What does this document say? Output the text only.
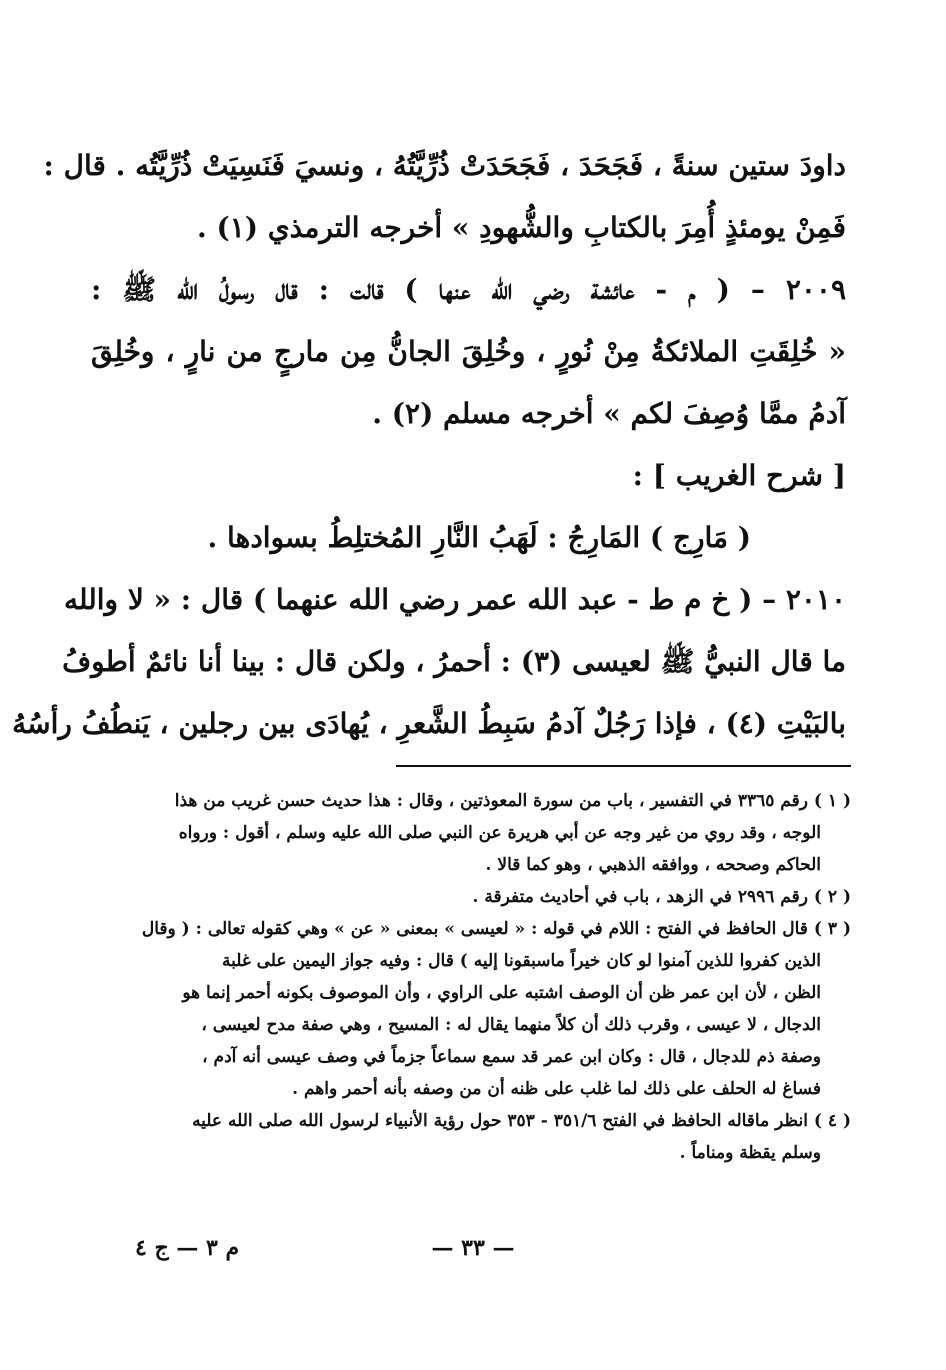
داودَ ستين سنةً ، فَجَحَدَ ، فَجَحَدَتْ ذُرِّيَّتُهُ ، ونسيَ فَنَسِيَتْ ذُرِّيَّتُه . قال :
فَمِنْ يومئذٍ أُمِرَ بالكتابِ والشُّهودِ » أخرجه الترمذي (١) .
٢٠٠٩ – ( م - عائشة رضي الله عنها ) قالت : قال رسولُ الله ﷺ :
« خُلِقَتِ الملائكةُ مِنْ نُورٍ ، وخُلِقَ الجانُّ مِن مارجٍ من نارٍ ، وخُلِقَ
آدمُ ممَّا وُصِفَ لكم » أخرجه مسلم (٢) .
[ شرح الغريب ] :
( مَارِج ) المَارِجُ : لَهَبُ النَّارِ المُختلِطُ بسوادها .
٢٠١٠ – ( خ م ط - عبد الله عمر رضي الله عنهما ) قال : « لا والله
ما قال النبيُّ ﷺ لعيسى (٣) : أحمرُ ، ولكن قال : بينا أنا نائمٌ أطوفُ
بالبَيْتِ (٤) ، فإذا رَجُلٌ آدمُ سَبِطُ الشَّعرِ ، يُهادَى بين رجلين ، يَنطُفُ رأسُهُ
( ١ )رقم ٣٣٦٥ في التفسير ، باب من سورة المعوذتين ، وقال : هذا حديث حسن غريب من هذا
الوجه ، وقد روي من غير وجه عن أبي هريرة عن النبي صلى الله عليه وسلم ، أقول : ورواه
الحاكم وصححه ، ووافقه الذهبي ، وهو كما قالا .
( ٢ )رقم ٢٩٩٦ في الزهد ، باب في أحاديث متفرقة .
( ٣ )قال الحافظ في الفتح : اللام في قوله : « لعيسى » بمعنى « عن » وهي كقوله تعالى : ( وقال
الذين كفروا للذين آمنوا لو كان خيراً ماسبقونا إليه ) قال : وفيه جواز اليمين على غلبة
الظن ، لأن ابن عمر ظن أن الوصف اشتبه على الراوي ، وأن الموصوف بكونه أحمر إنما هو
الدجال ، لا عيسى ، وقرب ذلك أن كلاً منهما يقال له : المسيح ، وهي صفة مدح لعيسى ،
وصفة ذم للدجال ، قال : وكان ابن عمر قد سمع سماعاً جزماً في وصف عيسى أنه آدم ،
فساغ له الحلف على ذلك لما غلب على ظنه أن من وصفه بأنه أحمر واهم .
( ٤ )انظر ماقاله الحافظ في الفتح ٣٥١/٦ - ٣٥٣ حول رؤية الأنبياء لرسول الله صلى الله عليه
وسلم يقظة ومناماً .
— ٣٣ —
م ٣ — ج ٤
